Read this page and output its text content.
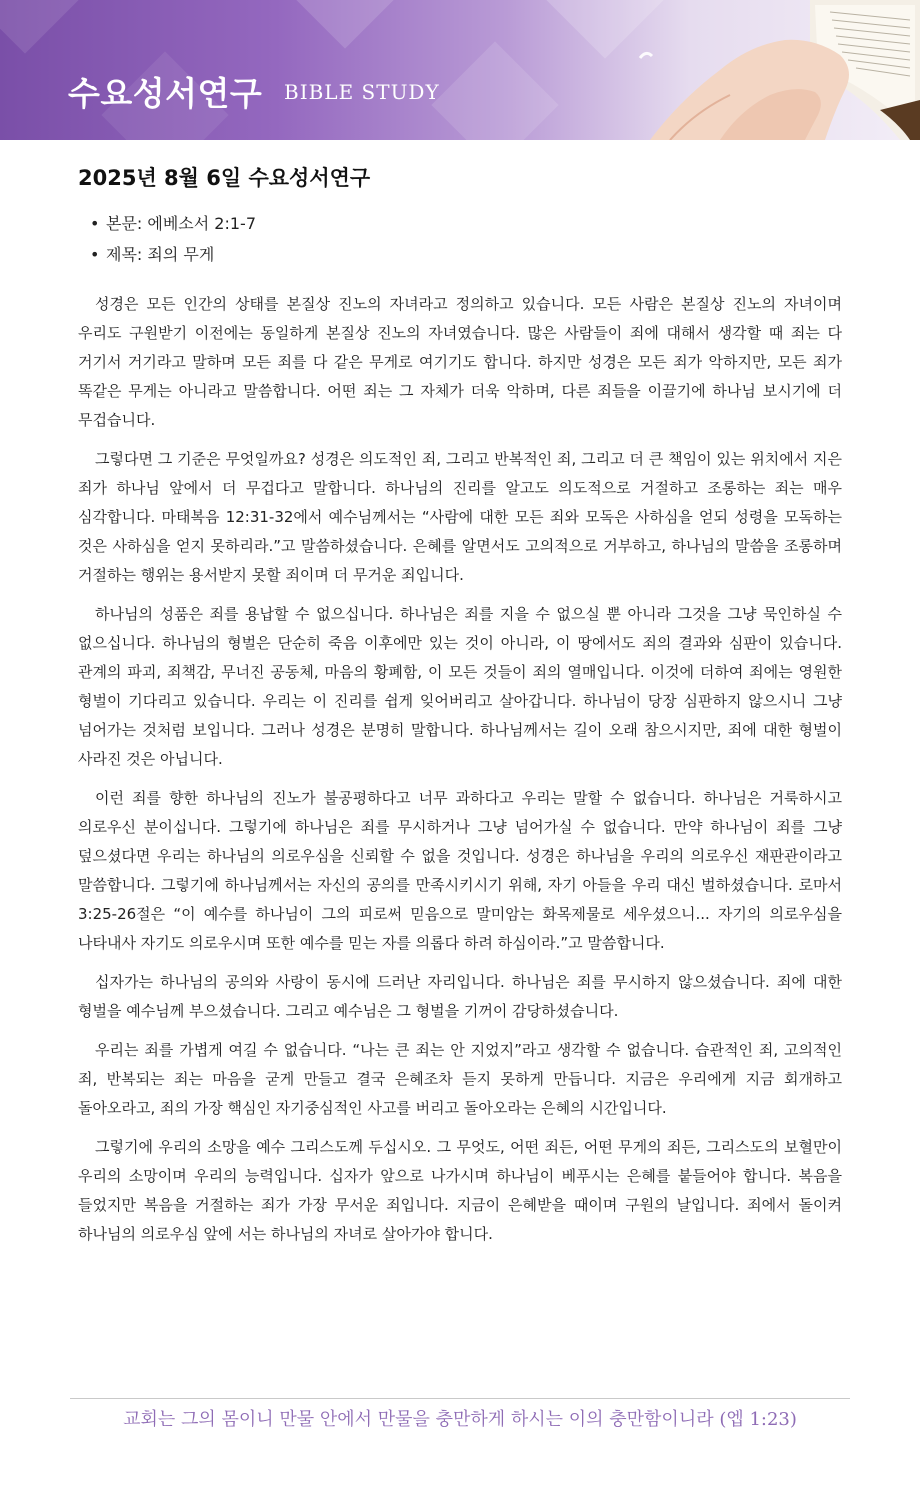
수요성서연구 BIBLE STUDY
2025년 8월 6일 수요성서연구
• 본문: 에베소서 2:1-7
• 제목: 죄의 무게

성경은 모든 인간의 상태를 본질상 진노의 자녀라고 정의하고 있습니다. 모든 사람은 본질상 진노의 자녀이며 우리도 구원받기 이전에는 동일하게 본질상 진노의 자녀였습니다. 많은 사람들이 죄에 대해서 생각할 때 죄는 다 거기서 거기라고 말하며 모든 죄를 다 같은 무게로 여기기도 합니다. 하지만 성경은 모든 죄가 악하지만, 모든 죄가 똑같은 무게는 아니라고 말씀합니다. 어떤 죄는 그 자체가 더욱 악하며, 다른 죄들을 이끌기에 하나님 보시기에 더 무겁습니다.

그렇다면 그 기준은 무엇일까요? 성경은 의도적인 죄, 그리고 반복적인 죄, 그리고 더 큰 책임이 있는 위치에서 지은 죄가 하나님 앞에서 더 무겁다고 말합니다. 하나님의 진리를 알고도 의도적으로 거절하고 조롱하는 죄는 매우 심각합니다. 마태복음 12:31-32에서 예수님께서는 “사람에 대한 모든 죄와 모독은 사하심을 얻되 성령을 모독하는 것은 사하심을 얻지 못하리라.”고 말씀하셨습니다. 은혜를 알면서도 고의적으로 거부하고, 하나님의 말씀을 조롱하며 거절하는 행위는 용서받지 못할 죄이며 더 무거운 죄입니다.

하나님의 성품은 죄를 용납할 수 없으십니다. 하나님은 죄를 지을 수 없으실 뿐 아니라 그것을 그냥 묵인하실 수 없으십니다. 하나님의 형벌은 단순히 죽음 이후에만 있는 것이 아니라, 이 땅에서도 죄의 결과와 심판이 있습니다. 관계의 파괴, 죄책감, 무너진 공동체, 마음의 황폐함, 이 모든 것들이 죄의 열매입니다. 이것에 더하여 죄에는 영원한 형벌이 기다리고 있습니다. 우리는 이 진리를 쉽게 잊어버리고 살아갑니다. 하나님이 당장 심판하지 않으시니 그냥 넘어가는 것처럼 보입니다. 그러나 성경은 분명히 말합니다. 하나님께서는 길이 오래 참으시지만, 죄에 대한 형벌이 사라진 것은 아닙니다.

이런 죄를 향한 하나님의 진노가 불공평하다고 너무 과하다고 우리는 말할 수 없습니다. 하나님은 거룩하시고 의로우신 분이십니다. 그렇기에 하나님은 죄를 무시하거나 그냥 넘어가실 수 없습니다. 만약 하나님이 죄를 그냥 덮으셨다면 우리는 하나님의 의로우심을 신뢰할 수 없을 것입니다. 성경은 하나님을 우리의 의로우신 재판관이라고 말씀합니다. 그렇기에 하나님께서는 자신의 공의를 만족시키시기 위해, 자기 아들을 우리 대신 벌하셨습니다. 로마서 3:25-26절은 “이 예수를 하나님이 그의 피로써 믿음으로 말미암는 화목제물로 세우셨으니... 자기의 의로우심을 나타내사 자기도 의로우시며 또한 예수를 믿는 자를 의롭다 하려 하심이라.”고 말씀합니다.

십자가는 하나님의 공의와 사랑이 동시에 드러난 자리입니다. 하나님은 죄를 무시하지 않으셨습니다. 죄에 대한 형벌을 예수님께 부으셨습니다. 그리고 예수님은 그 형벌을 기꺼이 감당하셨습니다.

우리는 죄를 가볍게 여길 수 없습니다. “나는 큰 죄는 안 지었지”라고 생각할 수 없습니다. 습관적인 죄, 고의적인 죄, 반복되는 죄는 마음을 굳게 만들고 결국 은혜조차 듣지 못하게 만듭니다. 지금은 우리에게 지금 회개하고 돌아오라고, 죄의 가장 핵심인 자기중심적인 사고를 버리고 돌아오라는 은혜의 시간입니다.

그렇기에 우리의 소망을 예수 그리스도께 두십시오. 그 무엇도, 어떤 죄든, 어떤 무게의 죄든, 그리스도의 보혈만이 우리의 소망이며 우리의 능력입니다. 십자가 앞으로 나가시며 하나님이 베푸시는 은혜를 붙들어야 합니다. 복음을 들었지만 복음을 거절하는 죄가 가장 무서운 죄입니다. 지금이 은혜받을 때이며 구원의 날입니다. 죄에서 돌이켜 하나님의 의로우심 앞에 서는 하나님의 자녀로 살아가야 합니다.

교회는 그의 몸이니 만물 안에서 만물을 충만하게 하시는 이의 충만함이니라 (엡 1:23)
